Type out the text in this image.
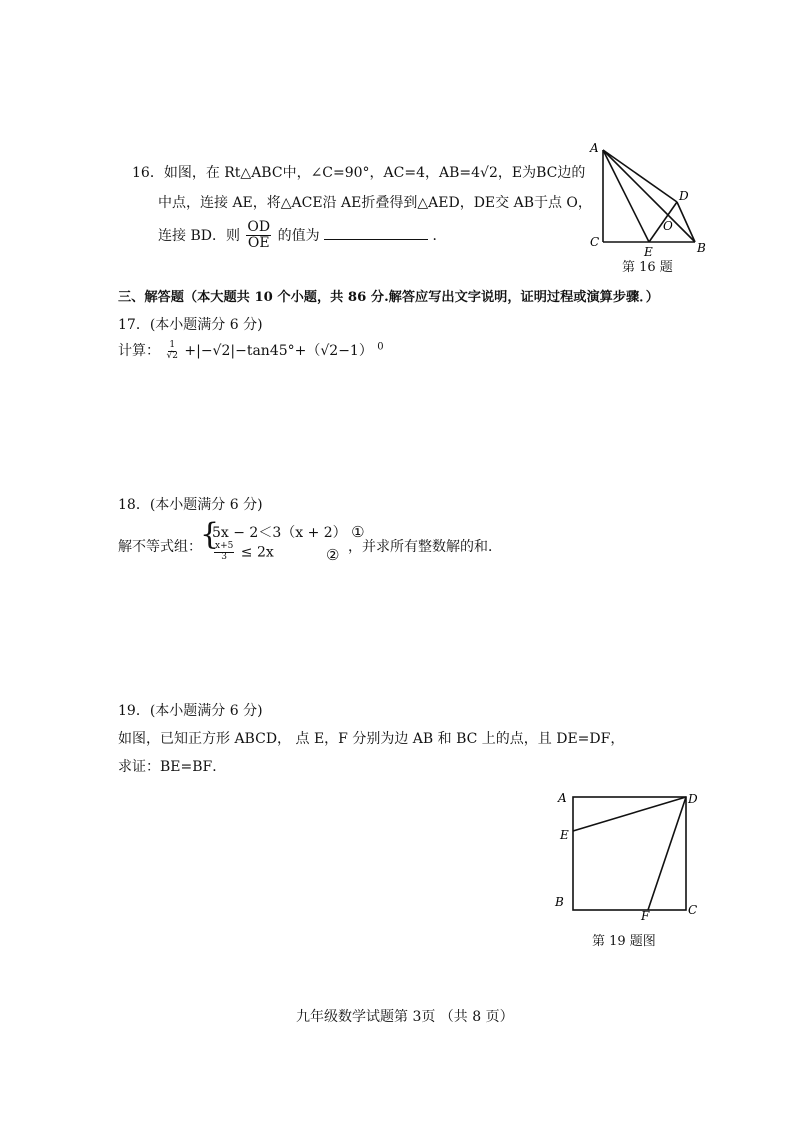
16．如图，在 Rt△ABC中，∠C=90°，AC=4，AB=4√2，E为BC边的
中点，连接 AE，将△ACE沿 AE折叠得到△AED，DE交 AB于点 O，
连接 BD．则 $\frac{OD}{OE}$ 的值为	．
A
C	B
D
E
O
第 16 题
三、解答题（本大题共 10 个小题，共 86 分.解答应写出文字说明，证明过程或演算步骤．）
17．(本小题满分 6 分)
计算： $\frac{1}{√2} +|-√2|-\tan 45^\circ+(√2-1)$ $^0$
18．(本小题满分 6 分)
解不等式组：
{
5x − 2＜3（x + 2） ①
$\frac{x+5}{3} \le 2x$	② ，并求所有整数解的和．
19．(本小题满分 6 分)
如图，已知正方形 ABCD， 点 E，F 分别为边 AB 和 BC 上的点，且 DE=DF，
求证：BE=BF．
A	D
E
B
C
F
第 19 题图
九年级数学试题第 3页 （共 8 页）
